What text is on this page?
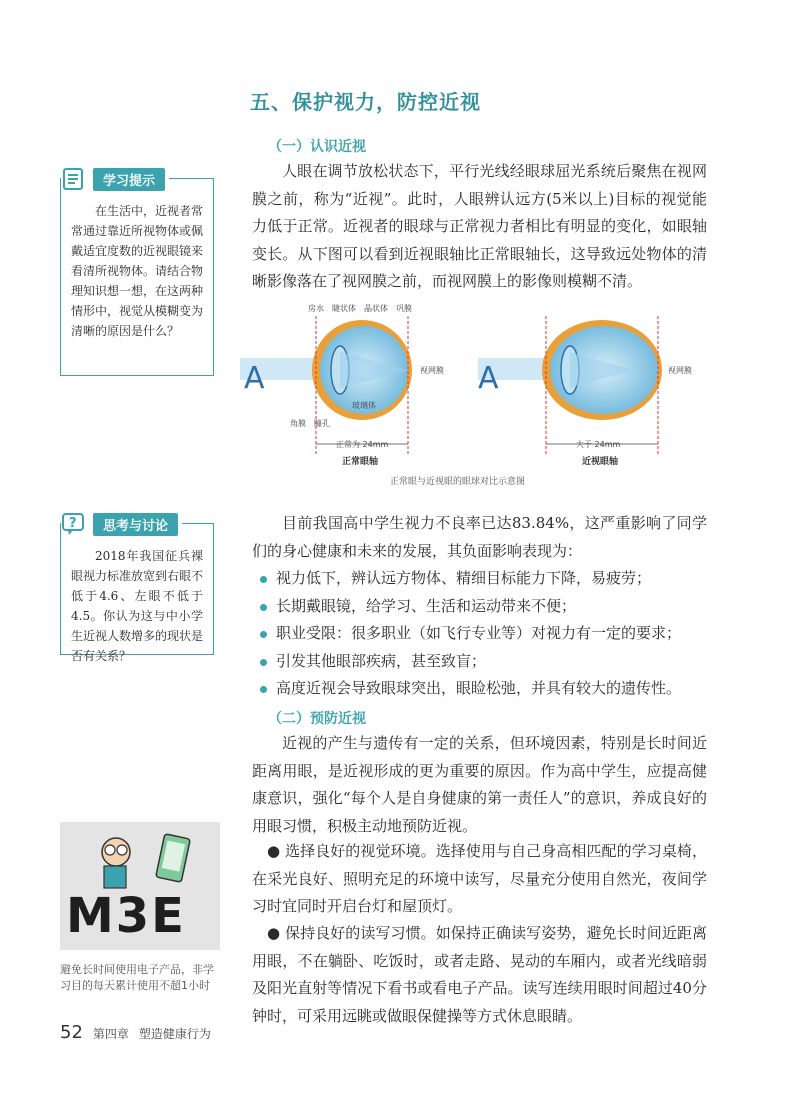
五、保护视力，防控近视
（一）认识近视

人眼在调节放松状态下，平行光线经眼球屈光系统后聚焦在视网膜之前，称为“近视”。此时，人眼辨认远方(5米以上)目标的视觉能力低于正常。近视者的眼球与正常视力者相比有明显的变化，如眼轴变长。从下图可以看到近视眼轴比正常眼轴长，这导致远处物体的清晰影像落在了视网膜之前，而视网膜上的影像则模糊不清。

学习提示

在生活中，近视者常常通过靠近所视物体或佩戴适宜度数的近视眼镜来看清所视物体。请结合物理知识想一想，在这两种情形中，视觉从模糊变为清晰的原因是什么？

A
房水 睫状体 晶状体 巩膜
视网膜
玻璃体
角膜 瞳孔
正常为 24mm
正常眼轴
A	视网膜
大于 24mm
近视眼轴
正常眼与近视眼的眼球对比示意图
?	思考与讨论

2018年我国征兵裸眼视力标准放宽到右眼不低于4.6、左眼不低于4.5。你认为这与中小学生近视人数增多的现状是否有关系？

目前我国高中学生视力不良率已达83.84%，这严重影响了同学们的身心健康和未来的发展，其负面影响表现为：

视力低下，辨认远方物体、精细目标能力下降，易疲劳；
长期戴眼镜，给学习、生活和运动带来不便；
职业受限：很多职业（如飞行专业等）对视力有一定的要求；
引发其他眼部疾病，甚至致盲；
高度近视会导致眼球突出，眼睑松弛，并具有较大的遗传性。
（二）预防近视

近视的产生与遗传有一定的关系，但环境因素，特别是长时间近距离用眼，是近视形成的更为重要的原因。作为高中学生，应提高健康意识，强化“每个人是自身健康的第一责任人”的意识，养成良好的用眼习惯，积极主动地预防近视。

● 选择良好的视觉环境。选择使用与自己身高相匹配的学习桌椅，在采光良好、照明充足的环境中读写，尽量充分使用自然光，夜间学习时宜同时开启台灯和屋顶灯。

● 保持良好的读写习惯。如保持正确读写姿势，避免长时间近距离用眼，不在躺卧、吃饭时，或者走路、晃动的车厢内，或者光线暗弱及阳光直射等情况下看书或看电子产品。读写连续用眼时间超过40分钟时，可采用远眺或做眼保健操等方式休息眼睛。

M3E
避免长时间使用电子产品，非学习目的每天累计使用不超1小时
52 第四章 塑造健康行为
